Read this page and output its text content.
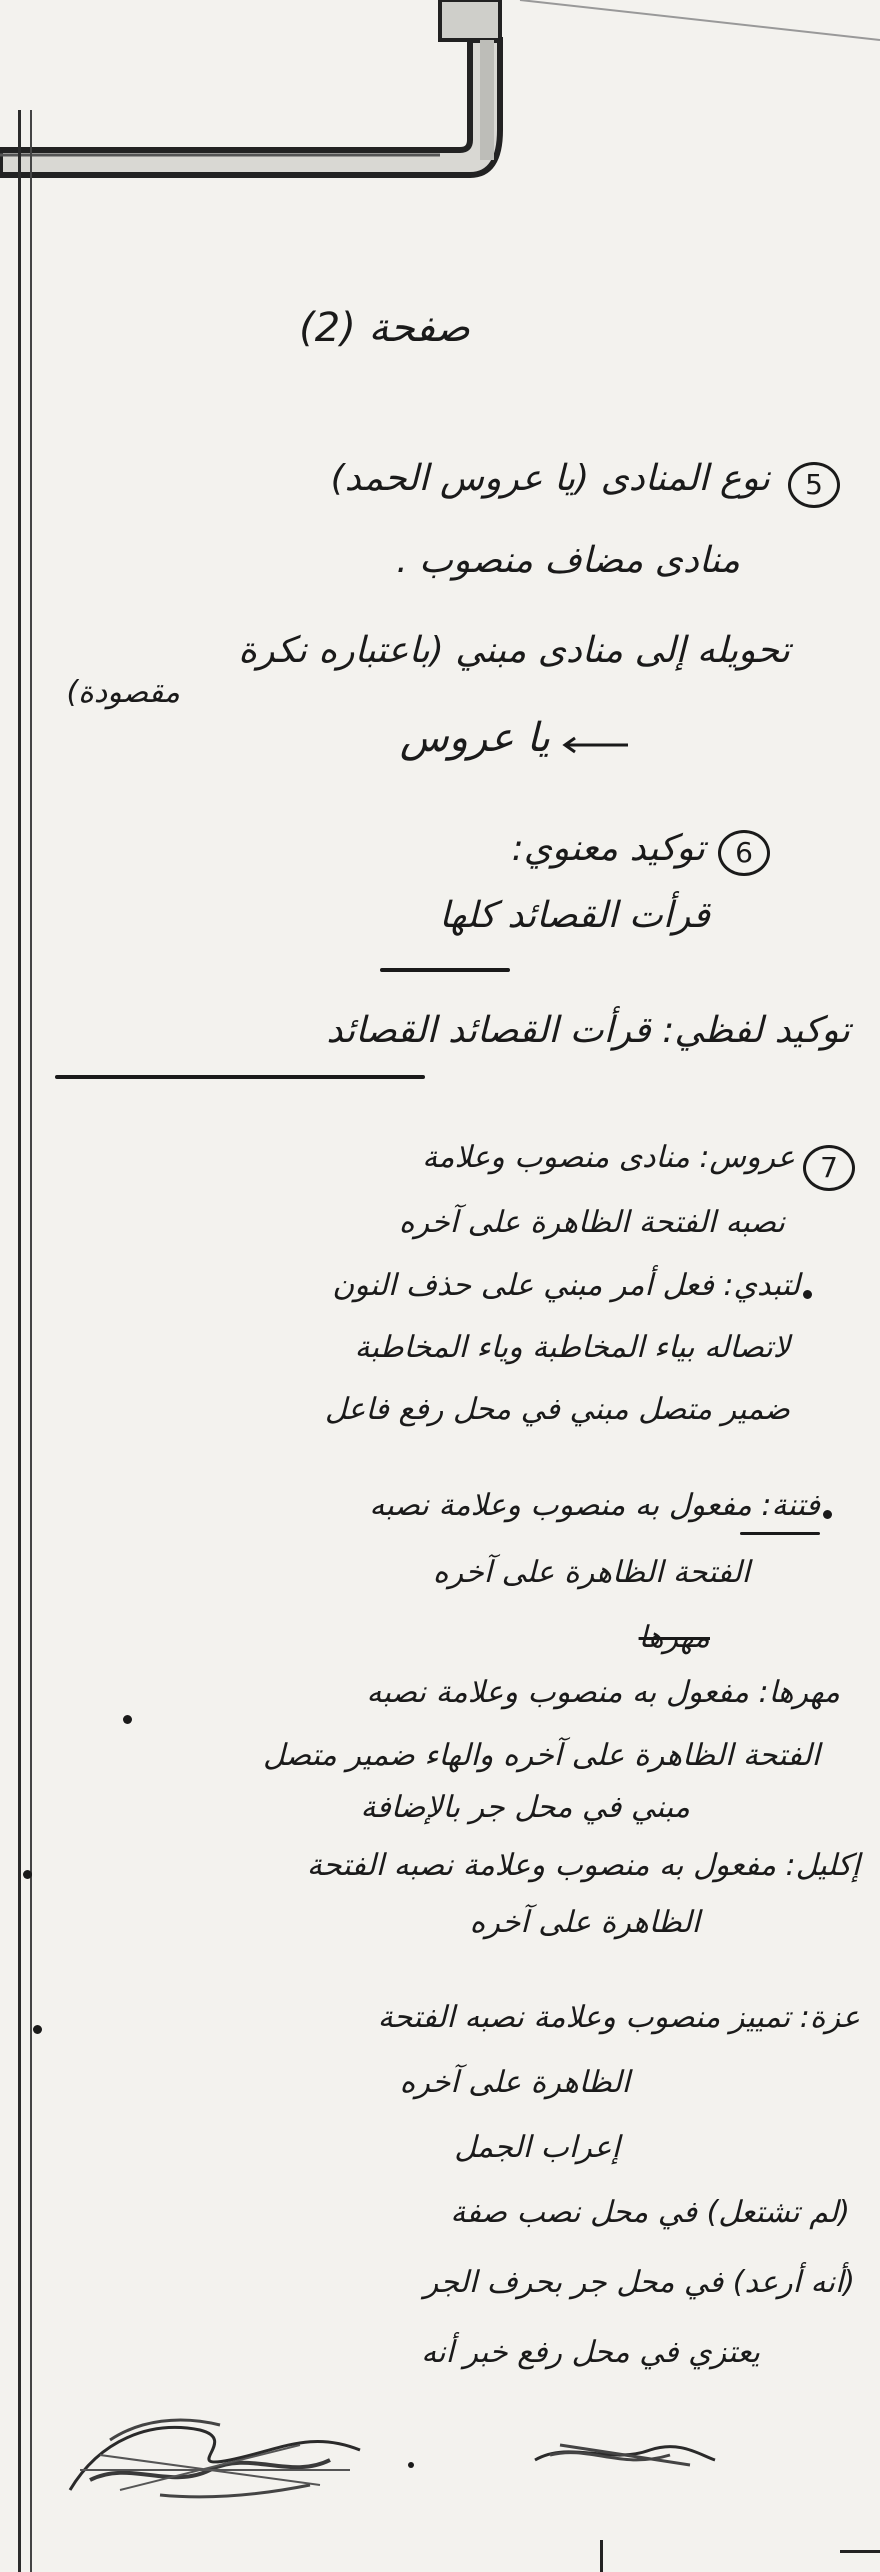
صفحة (2)
5
نوع المنادى (يا عروس الحمد)
منادى مضاف منصوب .
تحويله إلى منادى مبني (باعتباره نكرة
مقصودة)
يا عروس
6
توكيد معنوي:
قرأت القصائد كلها
توكيد لفظي: قرأت القصائد القصائد
7
عروس: منادى منصوب وعلامة
نصبه الفتحة الظاهرة على آخره
لتبدي: فعل أمر مبني على حذف النون
لاتصاله بياء المخاطبة وياء المخاطبة
ضمير متصل مبني في محل رفع فاعل
فتنة: مفعول به منصوب وعلامة نصبه
الفتحة الظاهرة على آخره
مهرها
مهرها: مفعول به منصوب وعلامة نصبه
الفتحة الظاهرة على آخره والهاء ضمير متصل
مبني في محل جر بالإضافة
إكليل: مفعول به منصوب وعلامة نصبه الفتحة
الظاهرة على آخره
عزة: تمييز منصوب وعلامة نصبه الفتحة
الظاهرة على آخره
إعراب الجمل
(لم تشتعل) في محل نصب صفة
(أنه أرعد) في محل جر بحرف الجر
يعتزي في محل رفع خبر أنه
